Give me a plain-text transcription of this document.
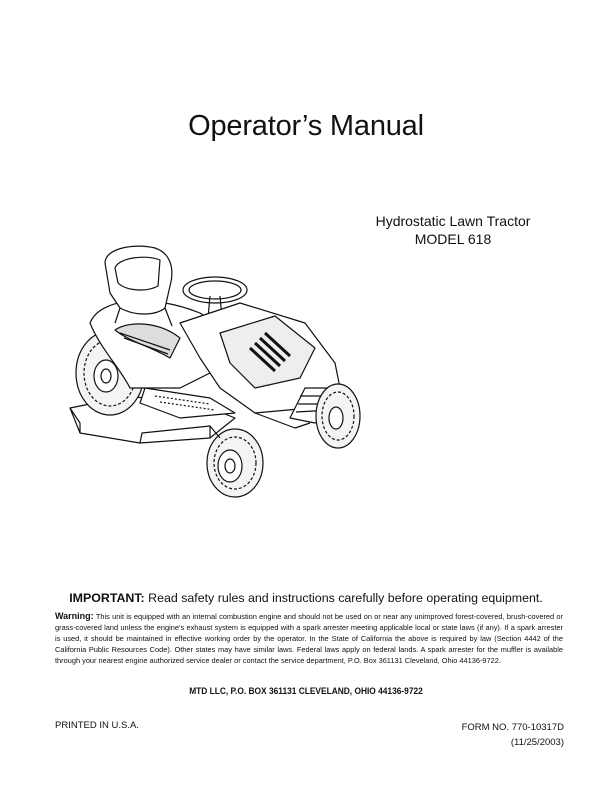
Operator’s Manual
Hydrostatic Lawn Tractor
MODEL 618
IMPORTANT: Read safety rules and instructions carefully before operating equipment.
Warning: This unit is equipped with an internal combustion engine and should not be used on or near any unimproved forest-covered, brush-covered or grass-covered land unless the engine’s exhaust system is equipped with a spark arrester meeting applicable local or state laws (if any). If a spark arrester is used, it should be maintained in effective working order by the operator. In the State of California the above is required by law (Section 4442 of the California Public Resources Code). Other states may have similar laws. Federal laws apply on federal lands. A spark arrester for the muffler is available through your nearest engine authorized service dealer or contact the service department, P.O. Box 361131 Cleveland, Ohio 44136-9722.
MTD LLC, P.O. BOX 361131 CLEVELAND, OHIO 44136-9722
PRINTED IN U.S.A.	FORM NO. 770-10317D
(11/25/2003)
